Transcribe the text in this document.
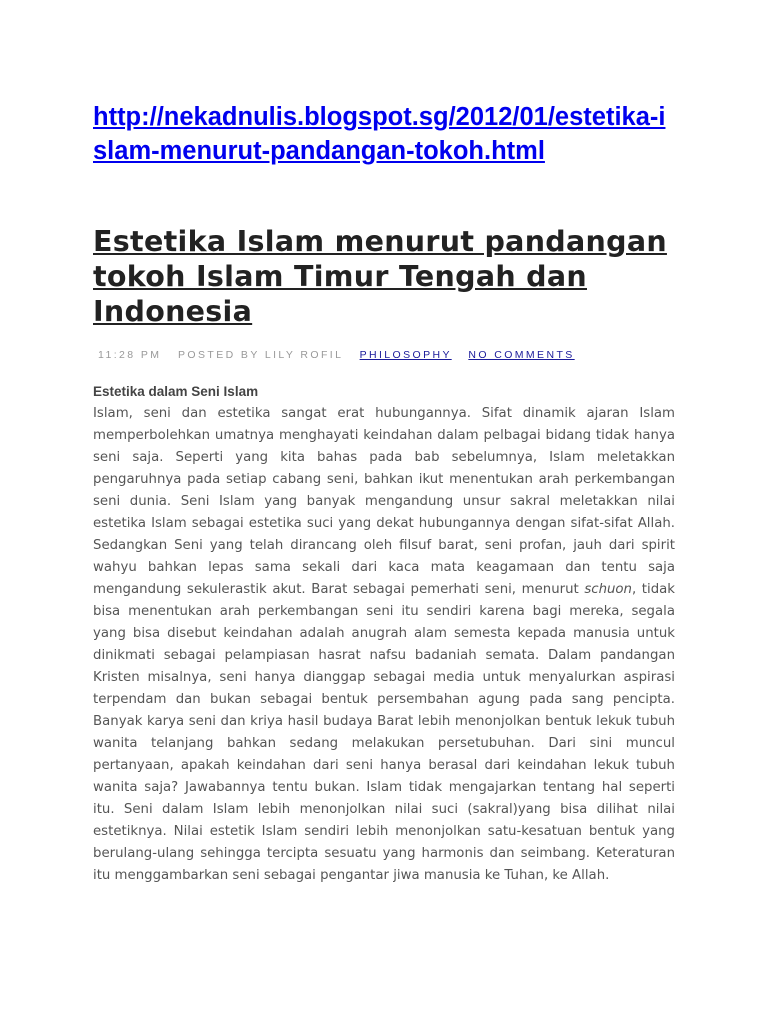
http://nekadnulis.blogspot.sg/2012/01/estetika-islam-menurut-pandangan-tokoh.html
Estetika Islam menurut pandangan tokoh Islam Timur Tengah dan Indonesia
11:28 PM POSTED BY LILY ROFIL PHILOSOPHY NO COMMENTS
Estetika dalam Seni Islam

Islam, seni dan estetika sangat erat hubungannya. Sifat dinamik ajaran Islam memperbolehkan umatnya menghayati keindahan dalam pelbagai bidang tidak hanya seni saja. Seperti yang kita bahas pada bab sebelumnya, Islam meletakkan pengaruhnya pada setiap cabang seni, bahkan ikut menentukan arah perkembangan seni dunia. Seni Islam yang banyak mengandung unsur sakral meletakkan nilai estetika Islam sebagai estetika suci yang dekat hubungannya dengan sifat-sifat Allah. Sedangkan Seni yang telah dirancang oleh filsuf barat, seni profan, jauh dari spirit wahyu bahkan lepas sama sekali dari kaca mata keagamaan dan tentu saja mengandung sekulerastik akut. Barat sebagai pemerhati seni, menurut schuon, tidak bisa menentukan arah perkembangan seni itu sendiri karena bagi mereka, segala yang bisa disebut keindahan adalah anugrah alam semesta kepada manusia untuk dinikmati sebagai pelampiasan hasrat nafsu badaniah semata. Dalam pandangan Kristen misalnya, seni hanya dianggap sebagai media untuk menyalurkan aspirasi terpendam dan bukan sebagai bentuk persembahan agung pada sang pencipta. Banyak karya seni dan kriya hasil budaya Barat lebih menonjolkan bentuk lekuk tubuh wanita telanjang bahkan sedang melakukan persetubuhan. Dari sini muncul pertanyaan, apakah keindahan dari seni hanya berasal dari keindahan lekuk tubuh wanita saja? Jawabannya tentu bukan. Islam tidak mengajarkan tentang hal seperti itu. Seni dalam Islam lebih menonjolkan nilai suci (sakral)yang bisa dilihat nilai estetiknya. Nilai estetik Islam sendiri lebih menonjolkan satu-kesatuan bentuk yang berulang-ulang sehingga tercipta sesuatu yang harmonis dan seimbang. Keteraturan itu menggambarkan seni sebagai pengantar jiwa manusia ke Tuhan, ke Allah.
